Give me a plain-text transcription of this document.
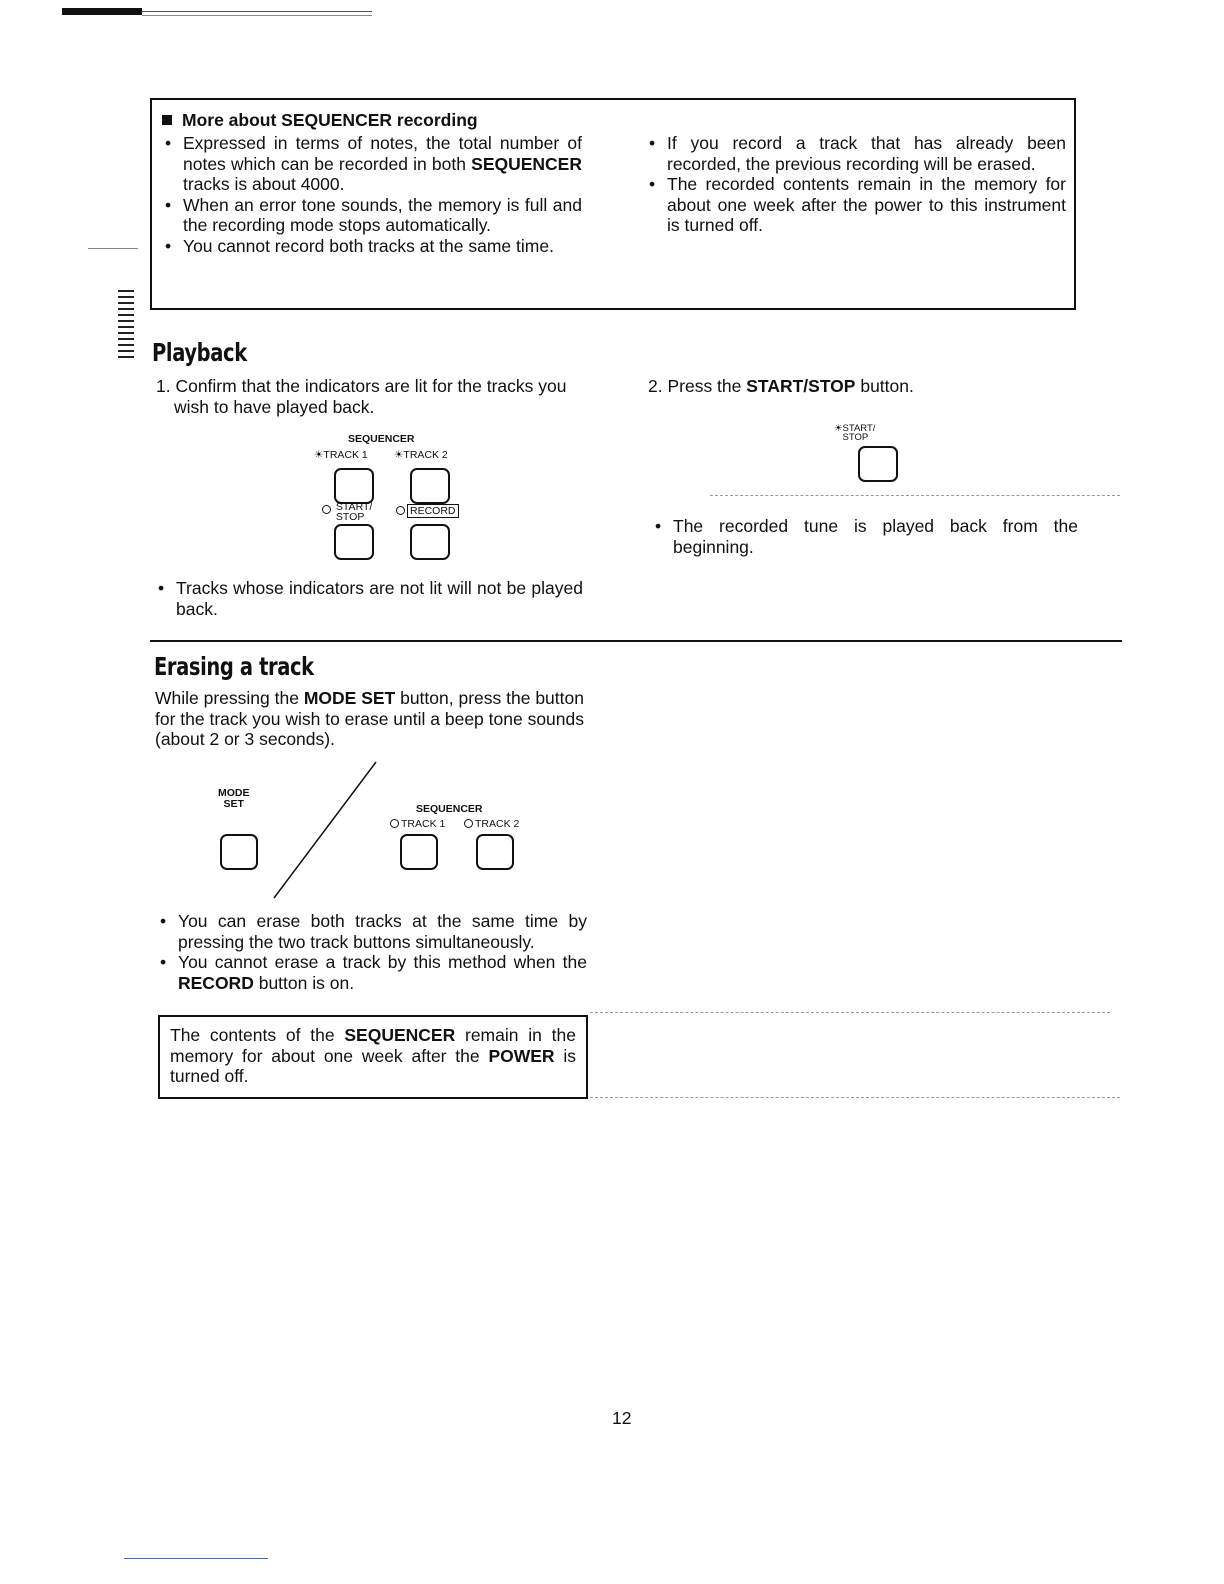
More about SEQUENCER recording
• Expressed in terms of notes, the total number of notes which can be recorded in both SEQUENCER tracks is about 4000.
• When an error tone sounds, the memory is full and the recording mode stops automatically.
• You cannot record both tracks at the same time.
• If you record a track that has already been recorded, the previous recording will be erased.
• The recorded contents remain in the memory for about one week after the power to this instrument is turned off.
Playback
1. Confirm that the indicators are lit for the tracks you wish to have played back.
2. Press the START/STOP button.
SEQUENCER
☀TRACK 1 ☀TRACK 2
START/
STOP	RECORD
☀START/
STOP
• The recorded tune is played back from the beginning.
• Tracks whose indicators are not lit will not be played back.
Erasing a track
While pressing the MODE SET button, press the button for the track you wish to erase until a beep tone sounds (about 2 or 3 seconds).
MODE
SET	SEQUENCER
TRACK 1	TRACK 2
• You can erase both tracks at the same time by pressing the two track buttons simultaneously.
• You cannot erase a track by this method when the RECORD button is on.
The contents of the SEQUENCER remain in the memory for about one week after the POWER is turned off.
12
